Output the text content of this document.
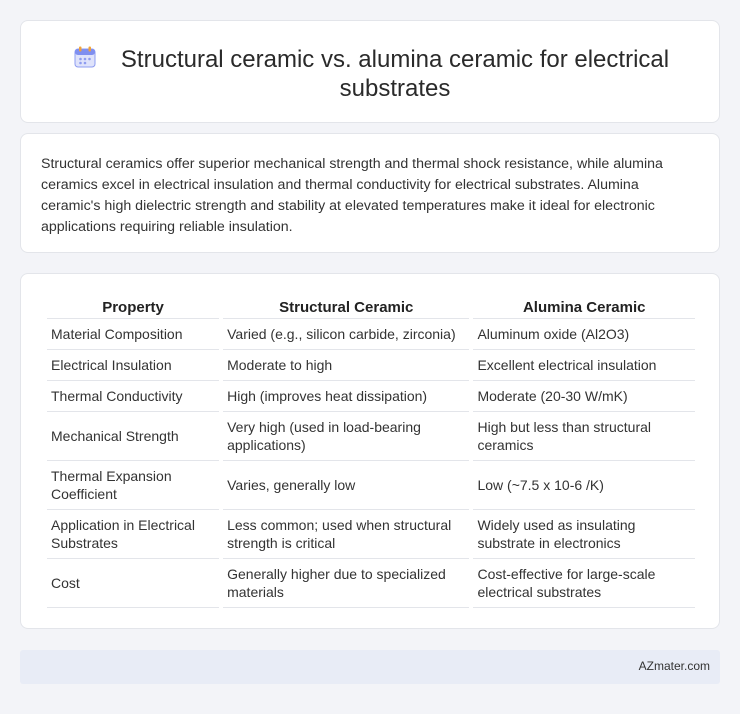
Structural ceramic vs. alumina ceramic for electrical substrates

Structural ceramics offer superior mechanical strength and thermal shock resistance, while alumina ceramics excel in electrical insulation and thermal conductivity for electrical substrates. Alumina ceramic's high dielectric strength and stability at elevated temperatures make it ideal for electronic applications requiring reliable insulation.

Property	Structural Ceramic	Alumina Ceramic
Material Composition	Varied (e.g., silicon carbide, zirconia)	Aluminum oxide (Al2O3)
Electrical Insulation	Moderate to high	Excellent electrical insulation
Thermal Conductivity	High (improves heat dissipation)	Moderate (20-30 W/mK)
Mechanical Strength	Very high (used in load-bearing applications)	High but less than structural ceramics
Thermal Expansion Coefficient	Varies, generally low	Low (~7.5 x 10-6 /K)
Application in Electrical Substrates	Less common; used when structural strength is critical	Widely used as insulating substrate in electronics
Cost	Generally higher due to specialized materials	Cost-effective for large-scale electrical substrates
AZmater.com
